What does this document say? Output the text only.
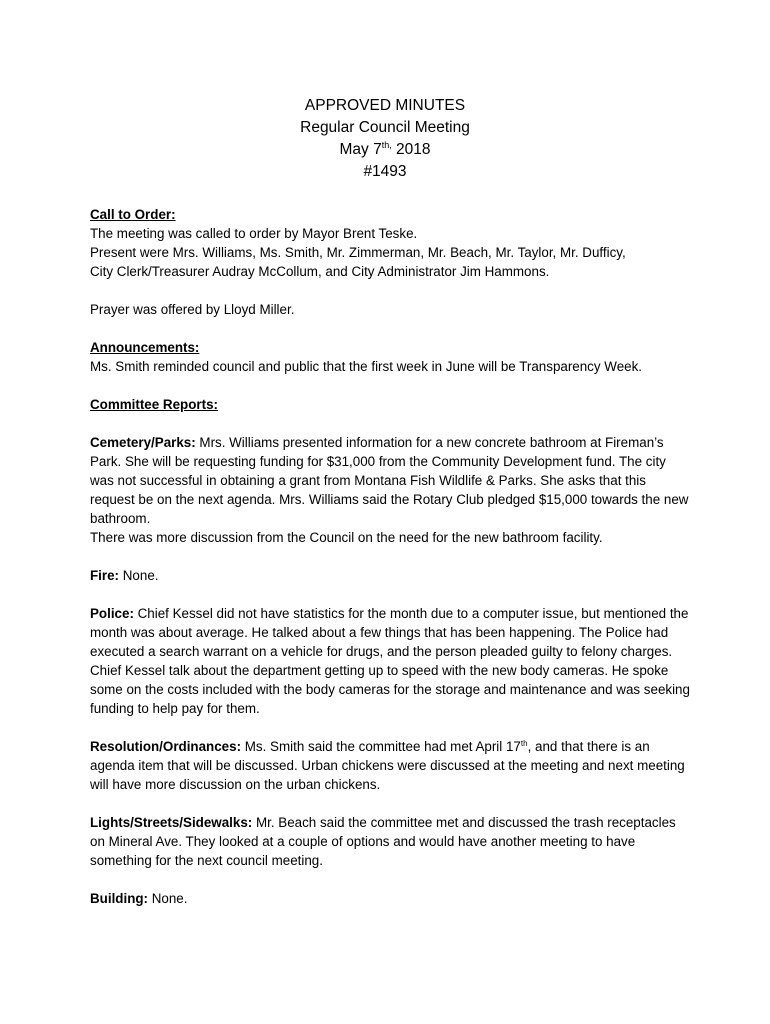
APPROVED MINUTES
Regular Council Meeting
May $7^{th,}$ 2018
#1493

Call to Order:

The meeting was called to order by Mayor Brent Teske.

Present were Mrs. Williams, Ms. Smith, Mr. Zimmerman, Mr. Beach, Mr. Taylor, Mr. Dufficy,

City Clerk/Treasurer Audray McCollum, and City Administrator Jim Hammons.

Prayer was offered by Lloyd Miller.

Announcements:

Ms. Smith reminded council and public that the first week in June will be Transparency Week.

Committee Reports:

Cemetery/Parks: Mrs. Williams presented information for a new concrete bathroom at Fireman’s Park. She will be requesting funding for $31,000 from the Community Development fund. The city was not successful in obtaining a grant from Montana Fish Wildlife & Parks. She asks that this request be on the next agenda. Mrs. Williams said the Rotary Club pledged $15,000 towards the new bathroom.

There was more discussion from the Council on the need for the new bathroom facility.

Fire: None.

Police: Chief Kessel did not have statistics for the month due to a computer issue, but mentioned the month was about average. He talked about a few things that has been happening. The Police had executed a search warrant on a vehicle for drugs, and the person pleaded guilty to felony charges. Chief Kessel talk about the department getting up to speed with the new body cameras. He spoke some on the costs included with the body cameras for the storage and maintenance and was seeking funding to help pay for them.

Resolution/Ordinances: Ms. Smith said the committee had met April 17th, and that there is an agenda item that will be discussed. Urban chickens were discussed at the meeting and next meeting will have more discussion on the urban chickens.

Lights/Streets/Sidewalks: Mr. Beach said the committee met and discussed the trash receptacles on Mineral Ave. They looked at a couple of options and would have another meeting to have something for the next council meeting.

Building: None.
